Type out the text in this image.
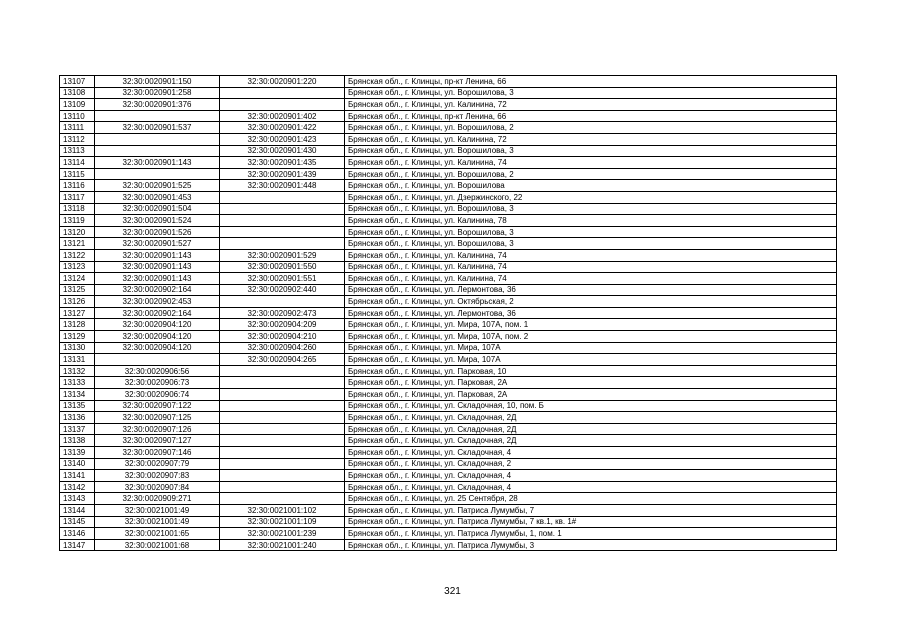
13107	32:30:0020901:150	32:30:0020901:220	Брянская обл., г. Клинцы, пр-кт Ленина, 66
13108	32:30:0020901:258		Брянская обл., г. Клинцы, ул. Ворошилова, 3
13109	32:30:0020901:376		Брянская обл., г. Клинцы, ул. Калинина, 72
13110		32:30:0020901:402	Брянская обл., г. Клинцы, пр-кт Ленина, 66
13111	32:30:0020901:537	32:30:0020901:422	Брянская обл., г. Клинцы, ул. Ворошилова, 2
13112		32:30:0020901:423	Брянская обл., г. Клинцы, ул. Калинина, 72
13113		32:30:0020901:430	Брянская обл., г. Клинцы, ул. Ворошилова, 3
13114	32:30:0020901:143	32:30:0020901:435	Брянская обл., г. Клинцы, ул. Калинина, 74
13115		32:30:0020901:439	Брянская обл., г. Клинцы, ул. Ворошилова, 2
13116	32:30:0020901:525	32:30:0020901:448	Брянская обл., г. Клинцы, ул. Ворошилова
13117	32:30:0020901:453		Брянская обл., г. Клинцы, ул. Дзержинского, 22
13118	32:30:0020901:504		Брянская обл., г. Клинцы, ул. Ворошилова, 3
13119	32:30:0020901:524		Брянская обл., г. Клинцы, ул. Калинина, 78
13120	32:30:0020901:526		Брянская обл., г. Клинцы, ул. Ворошилова, 3
13121	32:30:0020901:527		Брянская обл., г. Клинцы, ул. Ворошилова, 3
13122	32:30:0020901:143	32:30:0020901:529	Брянская обл., г. Клинцы, ул. Калинина, 74
13123	32:30:0020901:143	32:30:0020901:550	Брянская обл., г. Клинцы, ул. Калинина, 74
13124	32:30:0020901:143	32:30:0020901:551	Брянская обл., г. Клинцы, ул. Калинина, 74
13125	32:30:0020902:164	32:30:0020902:440	Брянская обл., г. Клинцы, ул. Лермонтова, 36
13126	32:30:0020902:453		Брянская обл., г. Клинцы, ул. Октябрьская, 2
13127	32:30:0020902:164	32:30:0020902:473	Брянская обл., г. Клинцы, ул. Лермонтова, 36
13128	32:30:0020904:120	32:30:0020904:209	Брянская обл., г. Клинцы, ул. Мира, 107А, пом. 1
13129	32:30:0020904:120	32:30:0020904:210	Брянская обл., г. Клинцы, ул. Мира, 107А, пом. 2
13130	32:30:0020904:120	32:30:0020904:260	Брянская обл., г. Клинцы, ул. Мира, 107А
13131		32:30:0020904:265	Брянская обл., г. Клинцы, ул. Мира, 107А
13132	32:30:0020906:56		Брянская обл., г. Клинцы, ул. Парковая, 10
13133	32:30:0020906:73		Брянская обл., г. Клинцы, ул. Парковая, 2А
13134	32:30:0020906:74		Брянская обл., г. Клинцы, ул. Парковая, 2А
13135	32:30:0020907:122		Брянская обл., г. Клинцы, ул. Складочная, 10, пом. Б
13136	32:30:0020907:125		Брянская обл., г. Клинцы, ул. Складочная, 2Д
13137	32:30:0020907:126		Брянская обл., г. Клинцы, ул. Складочная, 2Д
13138	32:30:0020907:127		Брянская обл., г. Клинцы, ул. Складочная, 2Д
13139	32:30:0020907:146		Брянская обл., г. Клинцы, ул. Складочная, 4
13140	32:30:0020907:79		Брянская обл., г. Клинцы, ул. Складочная, 2
13141	32:30:0020907:83		Брянская обл., г. Клинцы, ул. Складочная, 4
13142	32:30:0020907:84		Брянская обл., г. Клинцы, ул. Складочная, 4
13143	32:30:0020909:271		Брянская обл., г. Клинцы, ул. 25 Сентября, 28
13144	32:30:0021001:49	32:30:0021001:102	Брянская обл., г. Клинцы, ул. Патриса Лумумбы, 7
13145	32:30:0021001:49	32:30:0021001:109	Брянская обл., г. Клинцы, ул. Патриса Лумумбы, 7 кв.1, кв. 1#
13146	32:30:0021001:65	32:30:0021001:239	Брянская обл., г. Клинцы, ул. Патриса Лумумбы, 1, пом. 1
13147	32:30:0021001:68	32:30:0021001:240	Брянская обл., г. Клинцы, ул. Патриса Лумумбы, 3
321
